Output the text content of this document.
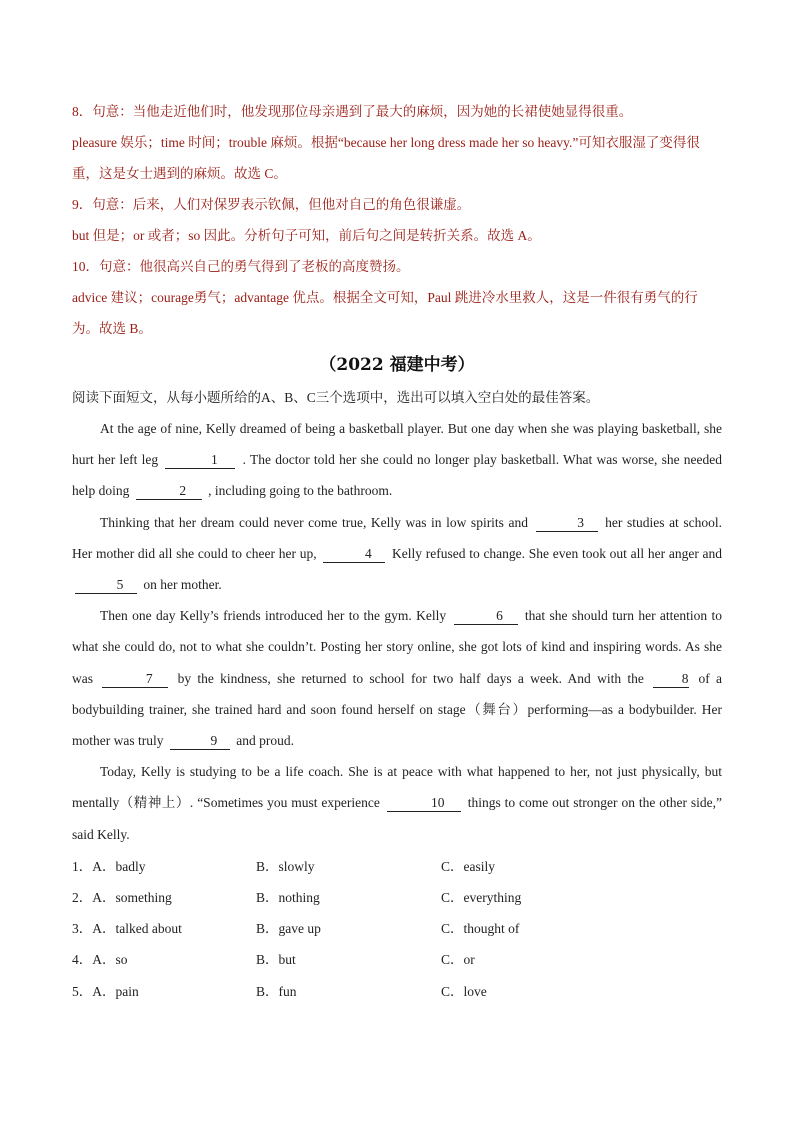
8．句意：当他走近他们时，他发现那位母亲遇到了最大的麻烦，因为她的长裙使她显得很重。

pleasure 娱乐；time 时间；trouble 麻烦。根据“because her long dress made her so heavy.”可知衣服湿了变得很重，这是女士遇到的麻烦。故选 C。

9．句意：后来，人们对保罗表示钦佩，但他对自己的角色很谦虚。

but 但是；or 或者；so 因此。分析句子可知，前后句之间是转折关系。故选 A。

10．句意：他很高兴自己的勇气得到了老板的高度赞扬。

advice 建议；courage勇气；advantage 优点。根据全文可知，Paul 跳进冷水里救人，这是一件很有勇气的行为。故选 B。

（2022 福建中考）

阅读下面短文，从每小题所给的A、B、C三个选项中，选出可以填入空白处的最佳答案。

At the age of nine, Kelly dreamed of being a basketball player. But one day when she was playing basketball, she hurt her left leg	1 . The doctor told her she could no longer play basketball. What was worse, she needed help doing	2 , including going to the bathroom.

Thinking that her dream could never come true, Kelly was in low spirits and	3 her studies at school. Her mother did all she could to cheer her up,	4 Kelly refused to change. She even took out all her anger and 5 on her mother.

Then one day Kelly’s friends introduced her to the gym. Kelly	6 that she should turn her attention to what she could do, not to what she couldn’t. Posting her story online, she got lots of kind and inspiring words. As she was	7 by the kindness, she returned to school for two half days a week. And with the	8 of a bodybuilding trainer, she trained hard and soon found herself on stage（舞台）performing—as a bodybuilder. Her mother was truly	9 and proud.

Today, Kelly is studying to be a life coach. She is at peace with what happened to her, not just physically, but mentally（精神上）. “Sometimes you must experience	10 things to come out stronger on the other side,” said Kelly.

1．A．badly	B．slowly	C．easily
2．A．something	B．nothing	C．everything
3．A．talked about	B．gave up	C．thought of
4．A．so	B．but	C．or
5．A．pain	B．fun	C．love
